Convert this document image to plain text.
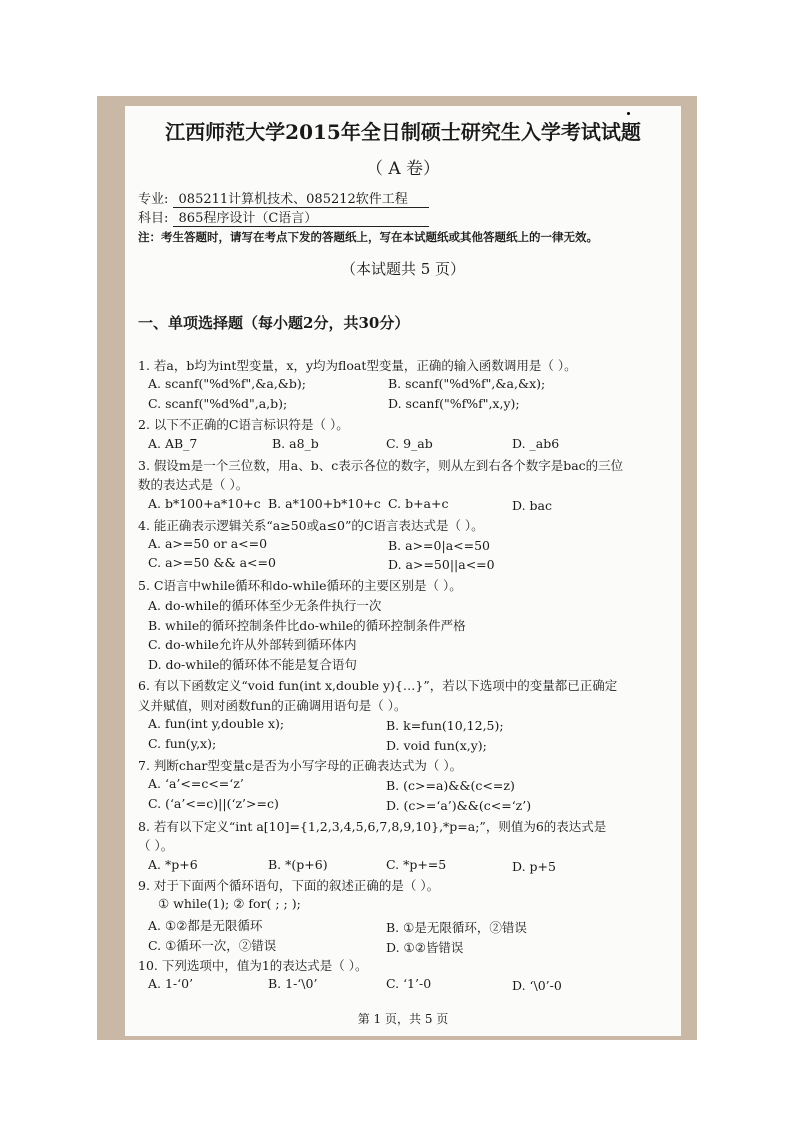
江西师范大学2015年全日制硕士研究生入学考试试题
（ A 卷）
专业: 085211计算机技术、085212软件工程
科目: 865程序设计（C语言）
注：考生答题时，请写在考点下发的答题纸上，写在本试题纸或其他答题纸上的一律无效。
（本试题共 5 页）
一、单项选择题（每小题2分，共30分）
1. 若a，b均为int型变量，x，y均为float型变量，正确的输入函数调用是（ ）。
A. scanf("%d%f",&a,&b);	B. scanf("%d%f",&a,&x);
C. scanf("%d%d",a,b);	D. scanf("%f%f",x,y);
2. 以下不正确的C语言标识符是（ ）。
A. AB_7	B. a8_b	C. 9_ab	D. _ab6
3. 假设m是一个三位数，用a、b、c表示各位的数字，则从左到右各个数字是bac的三位
数的表达式是（ ）。
A. b*100+a*10+c B. a*100+b*10+c C. b+a+c	D. bac
4. 能正确表示逻辑关系“a≥50或a≤0”的C语言表达式是（ ）。
A. a>=50 or a<=0	B. a>=0|a<=50
C. a>=50 && a<=0	D. a>=50||a<=0
5. C语言中while循环和do-while循环的主要区别是（ ）。
A. do-while的循环体至少无条件执行一次
B. while的循环控制条件比do-while的循环控制条件严格
C. do-while允许从外部转到循环体内
D. do-while的循环体不能是复合语句
6. 有以下函数定义“void fun(int x,double y){…}”，若以下选项中的变量都已正确定
义并赋值，则对函数fun的正确调用语句是（ ）。
A. fun(int y,double x);	B. k=fun(10,12,5);
C. fun(y,x);	D. void fun(x,y);
7. 判断char型变量c是否为小写字母的正确表达式为（ ）。
A. ‘a’<=c<=‘z’	B. (c>=a)&&(c<=z)
C. (‘a’<=c)||(‘z’>=c)	D. (c>=‘a’)&&(c<=‘z’)
8. 若有以下定义“int a[10]={1,2,3,4,5,6,7,8,9,10},*p=a;”，则值为6的表达式是
（ ）。
A. *p+6	B. *(p+6)	C. *p+=5	D. p+5
9. 对于下面两个循环语句，下面的叙述正确的是（ ）。
① while(1); ② for( ; ; );
A. ①②都是无限循环	B. ①是无限循环，②错误
C. ①循环一次，②错误	D. ①②皆错误
10. 下列选项中，值为1的表达式是（ ）。
A. 1-‘0’	B. 1-‘\0’	C. ‘1’-0	D. ‘\0’-0
第 1 页，共 5 页
